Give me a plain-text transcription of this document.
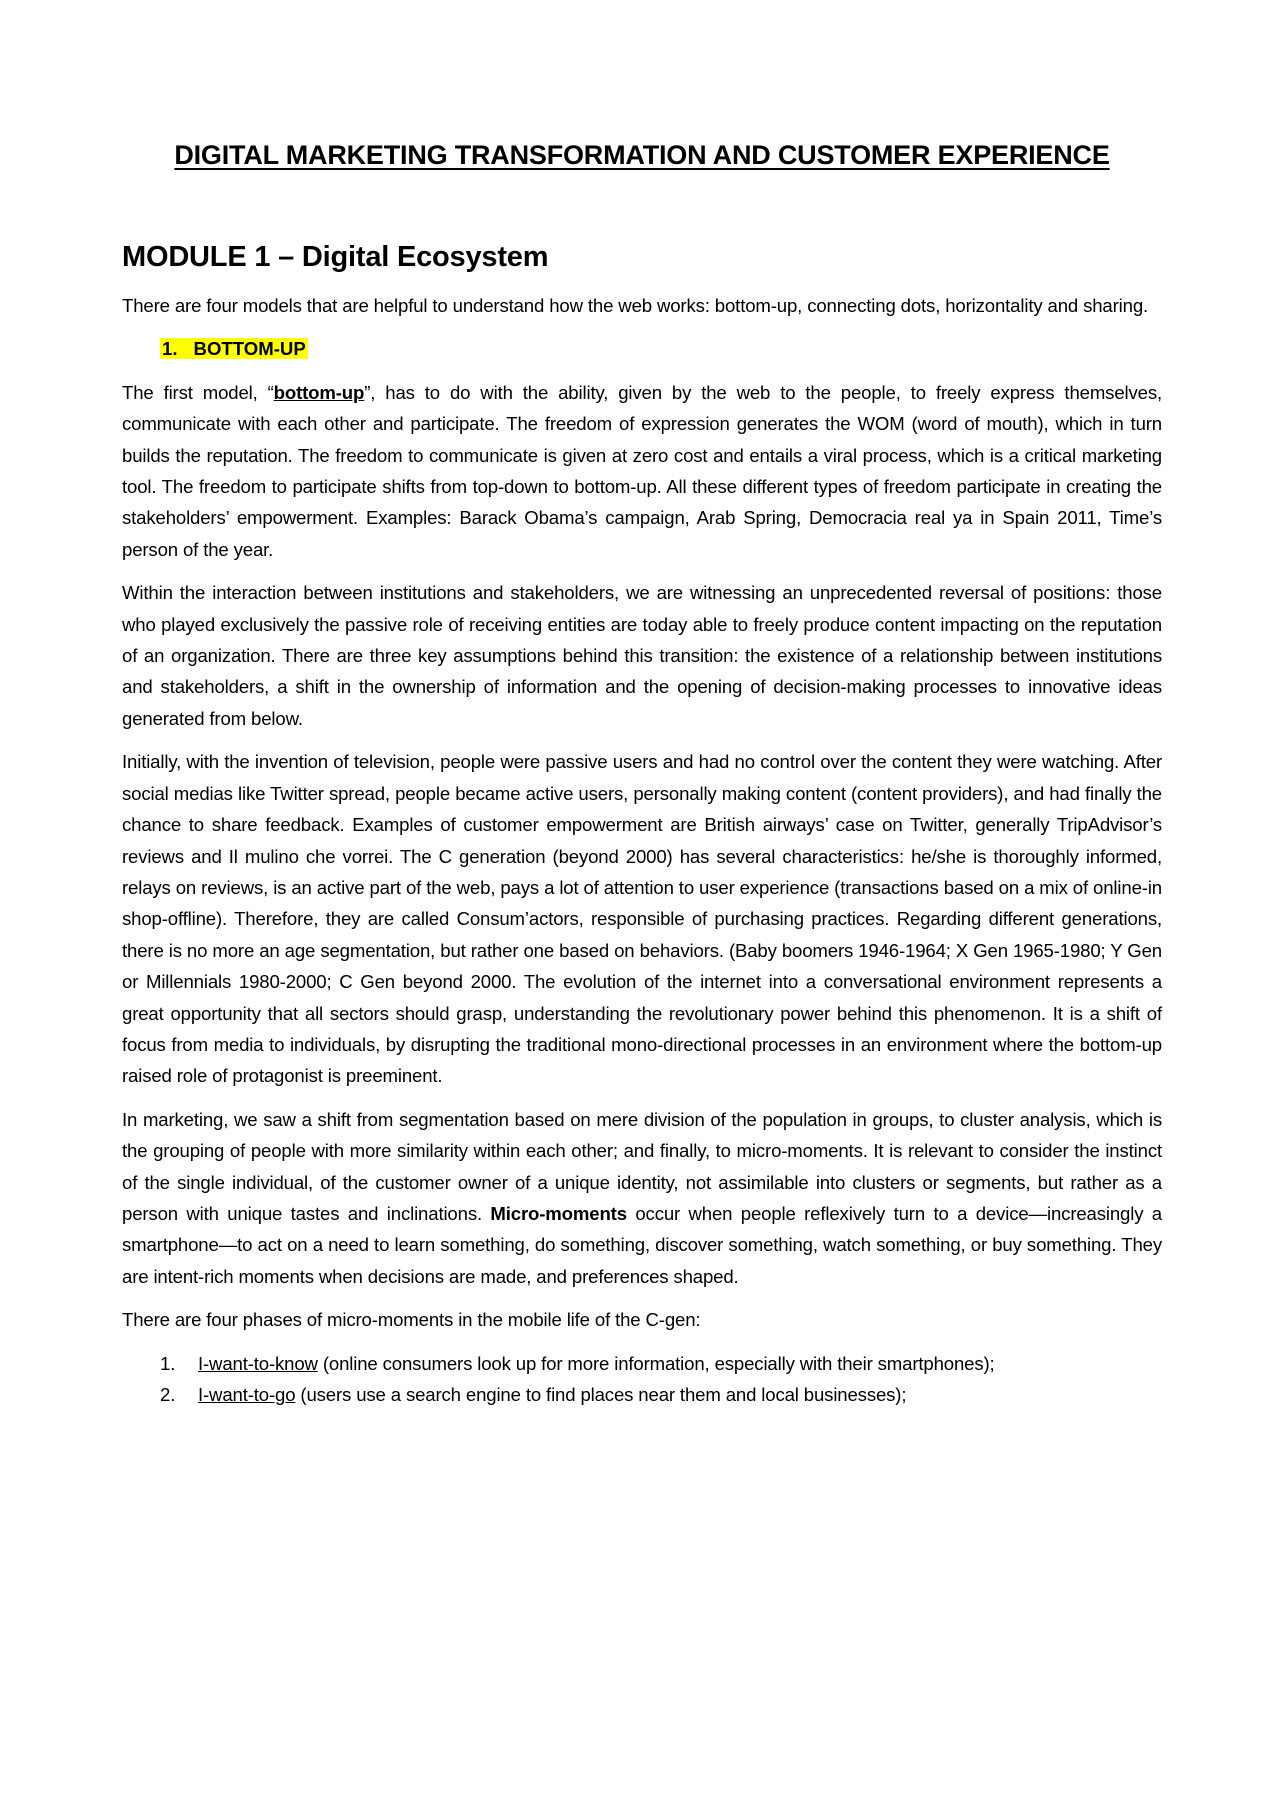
DIGITAL MARKETING TRANSFORMATION AND CUSTOMER EXPERIENCE
MODULE 1 – Digital Ecosystem

There are four models that are helpful to understand how the web works: bottom-up, connecting dots, horizontality and sharing.

1. BOTTOM-UP

The first model, “bottom-up”, has to do with the ability, given by the web to the people, to freely express themselves, communicate with each other and participate. The freedom of expression generates the WOM (word of mouth), which in turn builds the reputation. The freedom to communicate is given at zero cost and entails a viral process, which is a critical marketing tool. The freedom to participate shifts from top-down to bottom-up. All these different types of freedom participate in creating the stakeholders’ empowerment. Examples: Barack Obama’s campaign, Arab Spring, Democracia real ya in Spain 2011, Time’s person of the year.

Within the interaction between institutions and stakeholders, we are witnessing an unprecedented reversal of positions: those who played exclusively the passive role of receiving entities are today able to freely produce content impacting on the reputation of an organization. There are three key assumptions behind this transition: the existence of a relationship between institutions and stakeholders, a shift in the ownership of information and the opening of decision-making processes to innovative ideas generated from below.

Initially, with the invention of television, people were passive users and had no control over the content they were watching. After social medias like Twitter spread, people became active users, personally making content (content providers), and had finally the chance to share feedback. Examples of customer empowerment are British airways’ case on Twitter, generally TripAdvisor’s reviews and Il mulino che vorrei. The C generation (beyond 2000) has several characteristics: he/she is thoroughly informed, relays on reviews, is an active part of the web, pays a lot of attention to user experience (transactions based on a mix of online-in shop-offline). Therefore, they are called Consum’actors, responsible of purchasing practices. Regarding different generations, there is no more an age segmentation, but rather one based on behaviors. (Baby boomers 1946-1964; X Gen 1965-1980; Y Gen or Millennials 1980-2000; C Gen beyond 2000. The evolution of the internet into a conversational environment represents a great opportunity that all sectors should grasp, understanding the revolutionary power behind this phenomenon. It is a shift of focus from media to individuals, by disrupting the traditional mono-directional processes in an environment where the bottom-up raised role of protagonist is preeminent.

In marketing, we saw a shift from segmentation based on mere division of the population in groups, to cluster analysis, which is the grouping of people with more similarity within each other; and finally, to micro-moments. It is relevant to consider the instinct of the single individual, of the customer owner of a unique identity, not assimilable into clusters or segments, but rather as a person with unique tastes and inclinations. Micro-moments occur when people reflexively turn to a device—increasingly a smartphone—to act on a need to learn something, do something, discover something, watch something, or buy something. They are intent-rich moments when decisions are made, and preferences shaped.

There are four phases of micro-moments in the mobile life of the C-gen:

1.	I-want-to-know (online consumers look up for more information, especially with their smartphones);
2.	I-want-to-go (users use a search engine to find places near them and local businesses);
